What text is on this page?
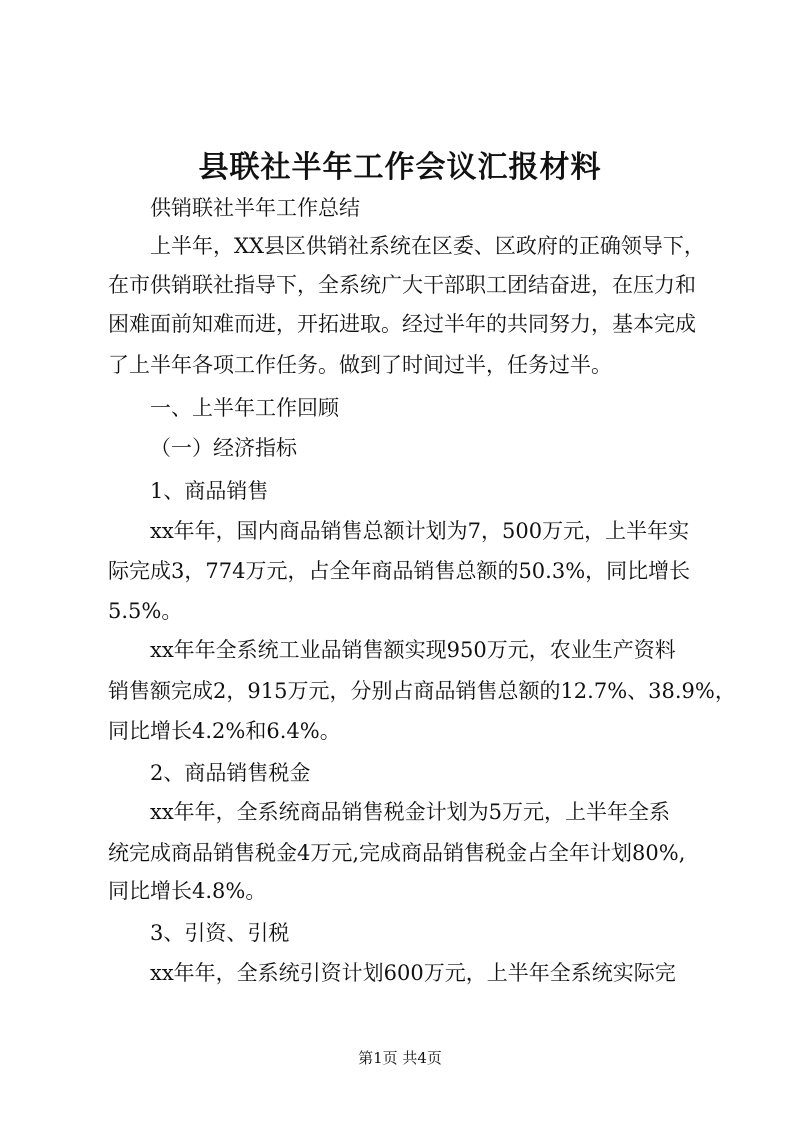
县联社半年工作会议汇报材料
供销联社半年工作总结
上半年，XX县区供销社系统在区委、区政府的正确领导下，
在市供销联社指导下，全系统广大干部职工团结奋进，在压力和
困难面前知难而进，开拓进取。经过半年的共同努力，基本完成
了上半年各项工作任务。做到了时间过半，任务过半。
一、上半年工作回顾
（一）经济指标
1、商品销售
xx年年，国内商品销售总额计划为7，500万元，上半年实
际完成3，774万元，占全年商品销售总额的50.3%，同比增长
5.5%。
xx年年全系统工业品销售额实现950万元，农业生产资料
销售额完成2，915万元，分别占商品销售总额的12.7%、38.9%，
同比增长4.2%和6.4%。
2、商品销售税金
xx年年，全系统商品销售税金计划为5万元，上半年全系
统完成商品销售税金4万元,完成商品销售税金占全年计划80%,
同比增长4.8%。
3、引资、引税
xx年年，全系统引资计划600万元，上半年全系统实际完
第1页 共4页
